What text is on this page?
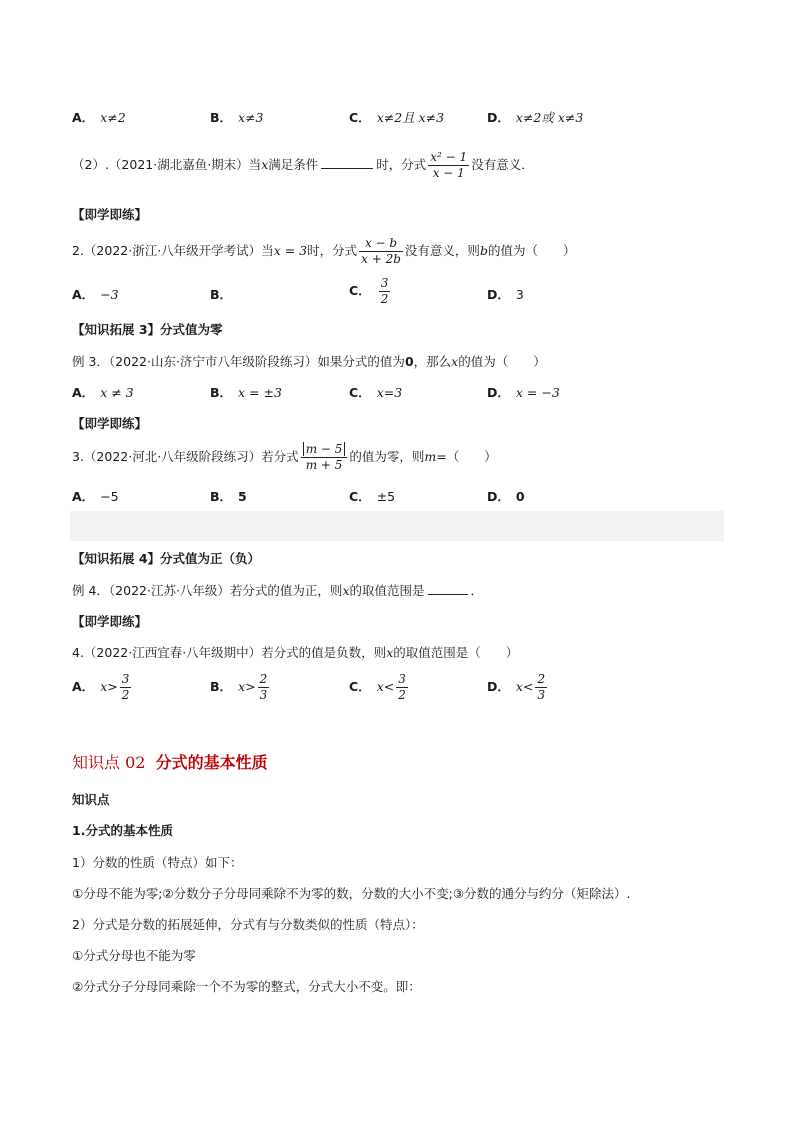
A． x≠2	B． x≠3	C． x≠2且 x≠3	D． x≠2或 x≠3
（2）.（2021·湖北嘉鱼·期末）当x满足条件	时，分式 $\frac{\text{x² − 1}}{x - 1}$ 没有意义．
【即学即练】
2.（2022·浙江·八年级开学考试）当x = 3时，分式 $\frac{x - b}{x + 2b}$ 没有意义，则b的值为（　　）
A． −3	B．	C． $\frac{3}{2}$	D． 3
【知识拓展 3】分式值为零
例 3．（2022·山东·济宁市八年级阶段练习）如果分式的值为0，那么x的值为（　　）
A． x ≠ 3	B． x = ±3	C． x=3	D． x = −3
【即学即练】
3.（2022·河北·八年级阶段练习）若分式 $\frac{m - 5}{m + 5}$ 的值为零，则m=（　　）
A． −5	B． 5	C． ±5	D． 0
【知识拓展 4】分式值为正（负）
例 4．（2022·江苏·八年级）若分式的值为正，则x的取值范围是	．
【即学即练】
4.（2022·江西宜春·八年级期中）若分式的值是负数，则x的取值范围是（　　）
A． $x> \frac{3}{2}$	B． $x> \frac{2}{3}$	C． $x< \frac{3}{2}$	D． $x< \frac{2}{3}$
知识点 02 分式的基本性质
知识点
1.分式的基本性质
1）分数的性质（特点）如下：
①分母不能为零;②分数分子分母同乘除不为零的数，分数的大小不变;③分数的通分与约分（矩除法）.
2）分式是分数的拓展延伸，分式有与分数类似的性质（特点）：
①分式分母也不能为零
②分式分子分母同乘除一个不为零的整式，分式大小不变。即：
